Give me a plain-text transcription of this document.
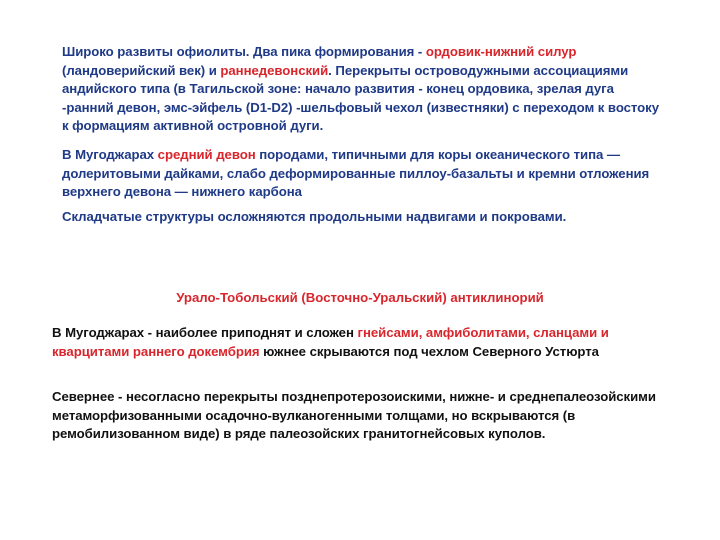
Широко развиты офиолиты. Два пика формирования - ордовик-нижний силур (ландоверийский век) и раннедевонский. Перекрыты островодужными ассоциациями андийского типа (в Тагильской зоне: начало развития - конец ордовика, зрелая дуга -ранний девон, эмс-эйфель (D1-D2) -шельфовый чехол (известняки) с переходом к востоку к формациям активной островной дуги.
В Мугоджарах средний девон породами, типичными для коры океанического типа — долеритовыми дайками, слабо деформированные пиллоу-базальты и кремни отложения верхнего девона — нижнего карбона
Складчатые структуры осложняются продольными надвигами и покровами.
Урало-Тобольский (Восточно-Уральский) антиклинорий
В Мугоджарах - наиболее приподнят и сложен гнейсами, амфиболитами, сланцами и кварцитами раннего докембрия южнее скрываются под чехлом Северного Устюрта
Севернее - несогласно перекрыты позднепротерозоискими, нижне- и среднепалеозойскими метаморфизованными осадочно-вулканогенными толщами, но вскрываются (в ремобилизованном виде) в ряде палеозойских гранитогнейсовых куполов.
